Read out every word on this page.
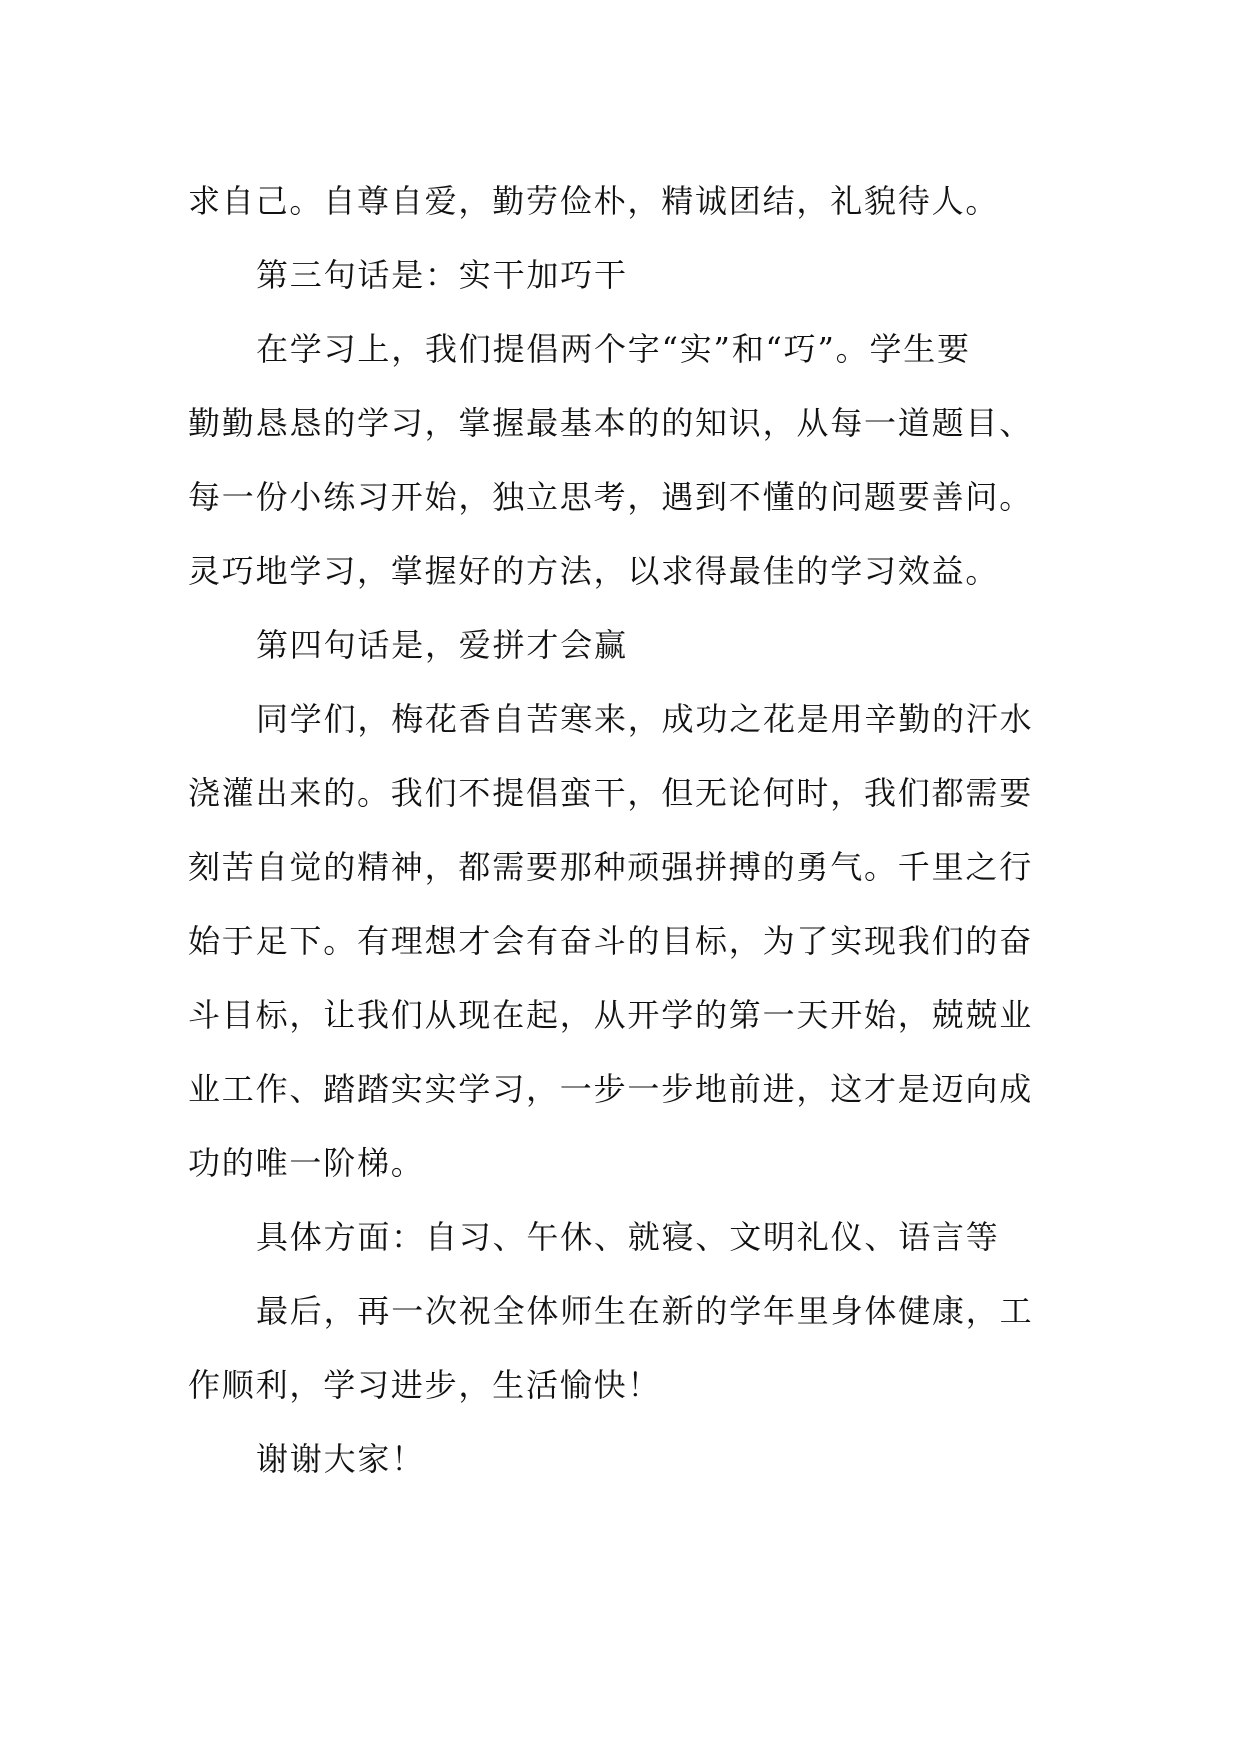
求自己。自尊自爱，勤劳俭朴，精诚团结，礼貌待人。

第三句话是：实干加巧干

在学习上，我们提倡两个字“实”和“巧”。学生要

勤勤恳恳的学习，掌握最基本的的知识，从每一道题目、

每一份小练习开始，独立思考，遇到不懂的问题要善问。

灵巧地学习，掌握好的方法，以求得最佳的学习效益。

第四句话是，爱拼才会赢

同学们，梅花香自苦寒来，成功之花是用辛勤的汗水

浇灌出来的。我们不提倡蛮干，但无论何时，我们都需要

刻苦自觉的精神，都需要那种顽强拼搏的勇气。千里之行

始于足下。有理想才会有奋斗的目标，为了实现我们的奋

斗目标，让我们从现在起，从开学的第一天开始，兢兢业

业工作、踏踏实实学习，一步一步地前进，这才是迈向成

功的唯一阶梯。

具体方面：自习、午休、就寝、文明礼仪、语言等

最后，再一次祝全体师生在新的学年里身体健康，工

作顺利，学习进步，生活愉快！

谢谢大家！
